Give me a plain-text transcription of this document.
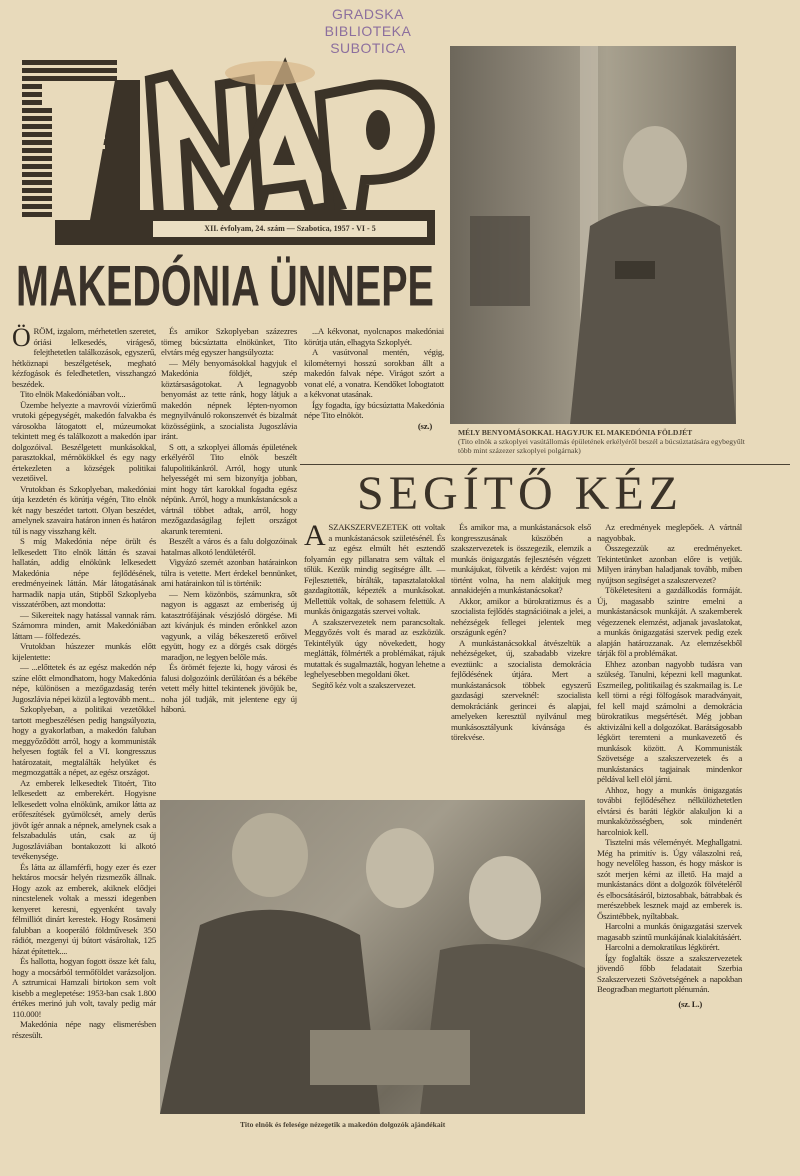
GRADSKA BIBLIOTEKA
SUBOTICA
XII. évfolyam, 24. szám — Szabotica, 1957 - VI - 5
MAKEDÓNIA ÜNNEPE
Ö RÖM, izgalom, mérhetetlen szeretet, óriási lelkesedés, virágeső, felejthetetlen találkozások, egyszerű, hétköznapi beszélgetések, megható kézfogások és feledhetetlen, visszhangzó beszédek.

Tito elnök Makedóniában volt...

Üzembe helyezte a mavrovói vízierőmű vrutoki gépegységét, makedón falvakba és városokba látogatott el, múzeumokat tekintett meg és találkozott a makedón ipar dolgozóival. Beszélgetett munkásokkal, parasztokkal, mérnökökkel és egy nagy értekezleten a községek politikai vezetőivel.

Vrutokban és Szkoplyeban, makedóniai útja kezdetén és körútja végén, Tito elnök két nagy beszédet tartott. Olyan beszédet, amelynek szavaira határon innen és határon túl is nagy visszhang kélt.

S míg Makedónia népe örült és lelkesedett Tito elnök láttán és szavai hallatán, addig elnökünk lelkesedett Makedónia népe fejlődésének, eredményeinek láttán. Már látogatásának harmadik napja után, Stipből Szkoplyeba visszatérőben, azt mondotta:

— Sikereitek nagy hatással vannak rám. Számomra minden, amit Makedóniában láttam — fölfedezés.

Vrutokban húszezer munkás előtt kijelentette:

— ...előttetek és az egész makedón nép színe előtt elmondhatom, hogy Makedónia népe, különösen a mezőgazdaság terén Jugoszlávia népei közül a legtovább ment...

Szkoplyeban, a politikai vezetőkkel tartott megbeszélésen pedig hangsúlyozta, hogy a gyakorlatban, a makedón faluban meggyőződött arról, hogy a kommunisták helyesen fogták fel a VI. kongresszus határozatait, megtalálták helyüket és megmozgatták a népet, az egész országot.

Az emberek lelkesedtek Titoért, Tito lelkesedett az emberekért. Hogyisne lelkesedett volna elnökünk, amikor látta az erőfeszítések gyümölcsét, amely derűs jövőt ígér annak a népnek, amelynek csak a felszabadulás után, csak az új Jugoszláviában bontakozott ki alkotó tevékenysége.

És látta az államférfi, hogy ezer és ezer hektáros mocsár helyén rizsmezők állnak. Hogy azok az emberek, akiknek elődjei nincstelenek voltak a messzi idegenben kenyeret keresni, egyenként tavaly félmilliót dinárt kerestek. Hogy Rosámeni falubban a kooperáló földművesek 350 rádiót, mezgenyi új bútort vásároltak, 125 házat építettek....

És hallotta, hogyan fogott össze két falu, hogy a mocsárból termőföldet varázsoljon. A sztrumicai Hamzali birtokon sem volt kisebb a meglepetése: 1953-ban csak 1.800 értékes merinó juh volt, tavaly pedig már 110.000!

Makedónia népe nagy elismerésben részesült.

És amikor Szkoplyeban százezres tömeg búcsúztatta elnökünket, Tito elvtárs még egyszer hangsúlyozta:

— Mély benyomásokkal hagyjuk el Makedónia földjét, szép köztársaságotokat. A legnagyobb benyomást az tette ránk, hogy látjuk a makedón népnek lépten-nyomon megnyilvánuló rokonszenvét és bizalmát közösségünk, a szocialista Jugoszlávia iránt.

S ott, a szkoplyei állomás épületének erkélyéről Tito elnök beszélt falupolitikánkról. Arról, hogy utunk helyességét mi sem bizonyítja jobban, mint hogy tárt karokkal fogadta egész népünk. Arról, hogy a munkástanácsok a vártnál többet adtak, arról, hogy mezőgazdaságilag fejlett országot akarunk teremteni.

Beszélt a város és a falu dolgozóinak hatalmas alkotó lendületéről.

Vigyázó szemét azonban határainkon túlra is vetette. Mert érdekel bennünket, ami határainkon túl is történik:

— Nem közönbös, számunkra, sőt nagyon is aggaszt az emberiség új katasztrófájának vészjósló dörgése. Mi azt kívánjuk és minden erőnkkel azon vagyunk, a világ békeszerető erőivel együtt, hogy ez a dörgés csak dörgés maradjon, ne legyen belőle más.

És örömét fejezte ki, hogy városi és falusi dolgozóink derűlátóan és a békébe vetett mély hittel tekintenek jövőjük be, noha jól tudják, mit jelentene egy új háború.

...A kékvonat, nyolcnapos makedóniai körútja után, elhagyta Szkoplyét.

A vasútvonal mentén, végig, kilométernyi hosszú sorokban állt a makedón falvak népe. Virágot szórt a vonat elé, a vonatra. Kendőket lobogtatott a kékvonat utasának.

Így fogadta, így búcsúztatta Makedónia népe Tito elnököt.

(sz.)
MÉLY BENYOMÁSOKKAL HAGYJUK EL MAKEDÓNIA FÖLDJÉT
(Tito elnök a szkoplyei vasútállomás épületének erkélyéről beszél a búcsúztatására egybegyűlt több mint százezer szkoplyei polgárnak)
SEGÍTŐ KÉZ
A SZAKSZERVEZETEK ott voltak a munkástanácsok születésénél. És az egész elmúlt hét esztendő folyamán egy pillanatra sem váltak el tőlük. Kezük mindig segítségre állt. — Fejlesztették, bírálták, tapasztalatokkal gazdagították, képezték a munkásokat. Mellettük voltak, de sohasem felettük. A munkás önigazgatás szervei voltak.

A szakszervezetek nem parancsoltak. Meggyőzés volt és marad az eszközük. Tekintélyük úgy növekedett, hogy meglátták, fölmérték a problémákat, rájuk mutattak és sugalmazták, hogyan lehetne a leghelyesebben megoldani őket.

Segítő kéz volt a szakszervezet.

És amikor ma, a munkástanácsok első kongresszusának küszöbén a szakszervezetek is összegezik, elemzik a munkás önigazgatás fejlesztésén végzett munkájukat, fölvetik a kérdést: vajon mi történt volna, ha nem alakítjuk meg annakidején a munkástanácsokat?

Akkor, amikor a bürokratizmus és a szocialista fejlődés stagnációinak a jelei, a nehézségek fellegei jelentek meg országunk egén?

A munkástanácsokkal átvészeltük a nehézségeket, új, szabadabb vizekre eveztünk: a szocialista demokrácia fejlődésének útjára. Mert a munkástanácsok többek egyszerű gazdasági szerveknél: szocialista demokráciánk gerincei és alapjai, amelyeken keresztül nyilvánul meg munkásosztályunk kívánsága és törekvése.

Az eredmények meglepőek. A vártnál nagyobbak.

Összegezzük az eredményeket. Tekintetünket azonban előre is vetjük. Milyen irányban haladjanak tovább, miben nyújtson segítséget a szakszervezet?

Tökéletesíteni a gazdálkodás formáját. Új, magasabb szintre emelni a munkástanácsok munkáját. A szakemberek végezzenek elemzést, adjanak javaslatokat, a munkás önigazgatási szervek pedig ezek alapján határozzanak. Az elemzésekből tárják föl a problémákat.

Ehhez azonban nagyobb tudásra van szükség. Tanulni, képezni kell magunkat. Eszmeileg, politikailag és szakmailag is. Le kell törni a régi fölfogások maradványait, fel kell majd számolni a demokrácia bürokratikus megsértését. Még jobban aktivizálni kell a dolgozókat. Barátságosabb légkört teremteni a munkavezető és munkások között. A Kommunisták Szövetsége a szakszervezetek és a munkástanács tagjainak mindenkor példával kell elöl járni.

Ahhoz, hogy a munkás önigazgatás további fejlődéséhez nélkülözhetetlen elvtársi és baráti légkör alakuljon ki a munkaközösségben, sok mindenért harcolniok kell.

Tisztelni más véleményét. Meghallgatni. Még ha primitív is. Úgy válaszolni reá, hogy nevelőleg hasson, és hogy máskor is szót merjen kérni az illető. Ha majd a munkástanács dönt a dolgozók fölvételéről és elbocsátásáról, biztosabbak, bátrabbak és merészebbek lesznek majd az emberek is. Őszintébbek, nyíltabbak.

Harcolni a munkás önigazgatási szervek magasabb szintű munkájának kialakításáért.

Harcolni a demokratikus légkörért.

Így foglalták össze a szakszervezetek jövendő főbb feladatait Szerbia Szakszervezeti Szövetségének a napokban Beogradban megtartott plénumán.

(sz. L.)
Tito elnök és felesége nézegetik a makedón dolgozók ajándékait
